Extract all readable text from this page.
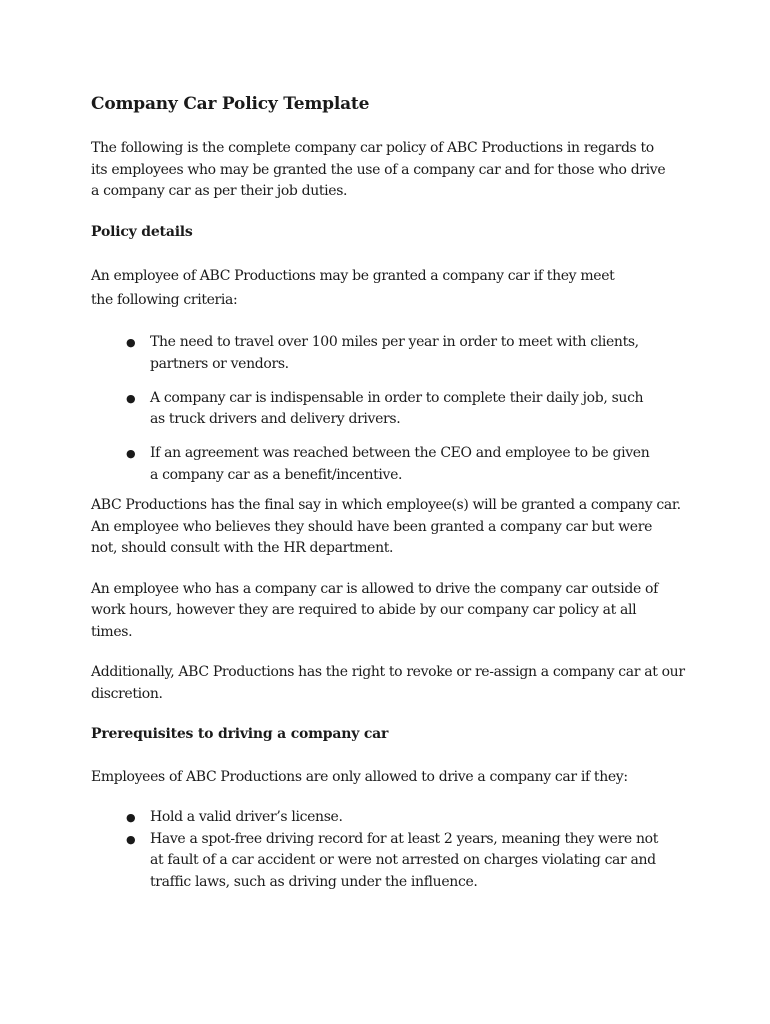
Company Car Policy Template

The following is the complete company car policy of ABC Productions in regards to its employees who may be granted the use of a company car and for those who drive a company car as per their job duties.

Policy details

An employee of ABC Productions may be granted a company car if they meet the following criteria:

● The need to travel over 100 miles per year in order to meet with clients, partners or vendors.
● A company car is indispensable in order to complete their daily job, such as truck drivers and delivery drivers.
● If an agreement was reached between the CEO and employee to be given a company car as a benefit/incentive.

ABC Productions has the final say in which employee(s) will be granted a company car. An employee who believes they should have been granted a company car but were not, should consult with the HR department.

An employee who has a company car is allowed to drive the company car outside of work hours, however they are required to abide by our company car policy at all times.

Additionally, ABC Productions has the right to revoke or re-assign a company car at our discretion.

Prerequisites to driving a company car

Employees of ABC Productions are only allowed to drive a company car if they:

● Hold a valid driver’s license.
● Have a spot-free driving record for at least 2 years, meaning they were not at fault of a car accident or were not arrested on charges violating car and traffic laws, such as driving under the influence.
